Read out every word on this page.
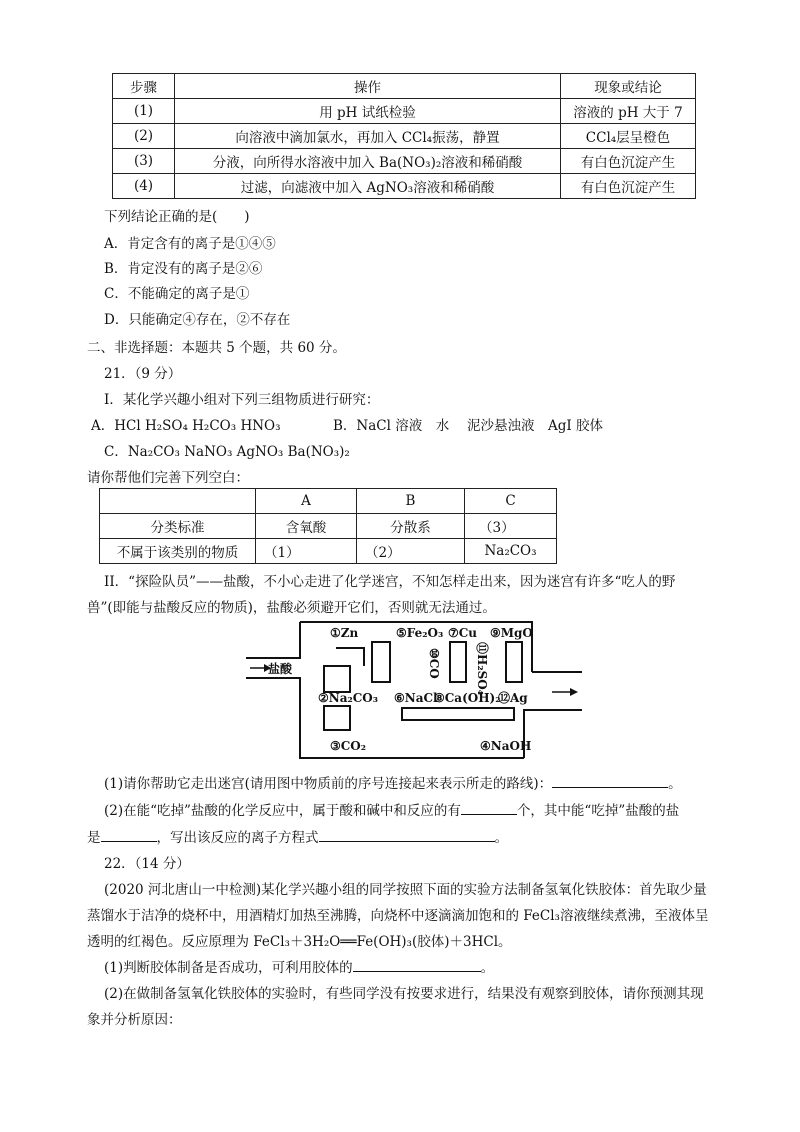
步骤	操作	现象或结论
(1)	用 pH 试纸检验	溶液的 pH 大于 7
(2)	向溶液中滴加氯水，再加入 CCl₄振荡，静置	CCl₄层呈橙色
(3)	分液，向所得水溶液中加入 Ba(NO₃)₂溶液和稀硝酸	有白色沉淀产生
(4)	过滤，向滤液中加入 AgNO₃溶液和稀硝酸	有白色沉淀产生
下列结论正确的是(　　)
A．肯定含有的离子是①④⑤
B．肯定没有的离子是②⑥
C．不能确定的离子是①
D．只能确定④存在，②不存在
二、非选择题：本题共 5 个题，共 60 分。
21．（9 分）
I．某化学兴趣小组对下列三组物质进行研究：
A．HCl H₂SO₄ H₂CO₃ HNO₃	B．NaCl 溶液　水　 泥沙悬浊液　AgI 胶体
C．Na₂CO₃ NaNO₃ AgNO₃ Ba(NO₃)₂
请你帮他们完善下列空白：
	A	B	C
分类标准	含氧酸	分散系	（3）
不属于该类别的物质	（1）	（2）	Na₂CO₃
II．“探险队员”——盐酸，不小心走进了化学迷宫，不知怎样走出来，因为迷宫有许多“吃人的野
兽”(即能与盐酸反应的物质)，盐酸必须避开它们，否则就无法通过。
盐酸
①Zn	⑤Fe₂O₃ ⑦Cu ⑨MgO
⑩CO	⑪H₂SO₄
②Na₂CO₃ ⑥NaCl
⑧Ca(OH)₂
⑫Ag
③CO₂	④NaOH
(1)请你帮助它走出迷宫(请用图中物质前的序号连接起来表示所走的路线)：	。
(2)在能“吃掉”盐酸的化学反应中，属于酸和碱中和反应的有	个，其中能“吃掉”盐酸的盐
是	，写出该反应的离子方程式	。
22．（14 分）
(2020 河北唐山一中检测)某化学兴趣小组的同学按照下面的实验方法制备氢氧化铁胶体：首先取少量
蒸馏水于洁净的烧杯中，用酒精灯加热至沸腾，向烧杯中逐滴滴加饱和的 FeCl₃溶液继续煮沸，至液体呈
透明的红褐色。反应原理为 FeCl₃＋3H₂O══Fe(OH)₃(胶体)＋3HCl。
(1)判断胶体制备是否成功，可利用胶体的	。
(2)在做制备氢氧化铁胶体的实验时，有些同学没有按要求进行，结果没有观察到胶体，请你预测其现
象并分析原因：
